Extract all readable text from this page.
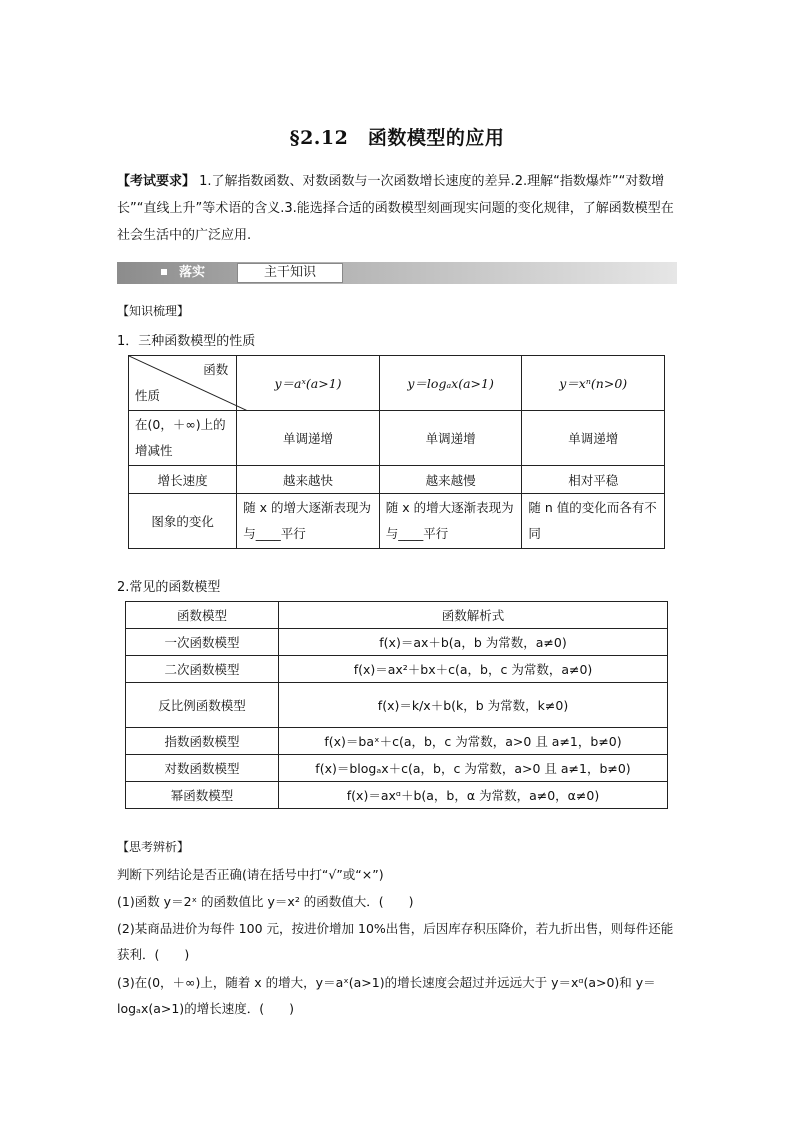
§2.12　函数模型的应用
【考试要求】 1.了解指数函数、对数函数与一次函数增长速度的差异.2.理解“指数爆炸”“对数增长”“直线上升”等术语的含义.3.能选择合适的函数模型刻画现实问题的变化规律，了解函数模型在社会生活中的广泛应用.
落实	主干知识
【知识梳理】
1．三种函数模型的性质
函数
性质	y＝aˣ(a>1)	y＝logₐx(a>1)	y＝xⁿ(n>0)
在(0，＋∞)上的增减性	单调递增	单调递增	单调递增
增长速度	越来越快	越来越慢	相对平稳
图象的变化	随 x 的增大逐渐表现为与____平行	随 x 的增大逐渐表现为与____平行	随 n 值的变化而各有不同
2.常见的函数模型
函数模型	函数解析式
一次函数模型	f(x)＝ax＋b(a，b 为常数，a≠0)
二次函数模型	f(x)＝ax²＋bx＋c(a，b，c 为常数，a≠0)
反比例函数模型	f(x)＝k/x＋b(k，b 为常数，k≠0)
指数函数模型	f(x)＝baˣ＋c(a，b，c 为常数，a>0 且 a≠1，b≠0)
对数函数模型	f(x)＝blogₐx＋c(a，b，c 为常数，a>0 且 a≠1，b≠0)
幂函数模型	f(x)＝axᵅ＋b(a，b，α 为常数，a≠0，α≠0)
【思考辨析】
判断下列结论是否正确(请在括号中打“√”或“×”)
(1)函数 y＝2ˣ 的函数值比 y＝x² 的函数值大．(　　)
(2)某商品进价为每件 100 元，按进价增加 10%出售，后因库存积压降价，若九折出售，则每件还能获利．(　　)
(3)在(0，＋∞)上，随着 x 的增大，y＝aˣ(a>1)的增长速度会超过并远远大于 y＝xᵅ(a>0)和 y＝logₐx(a>1)的增长速度．(　　)
